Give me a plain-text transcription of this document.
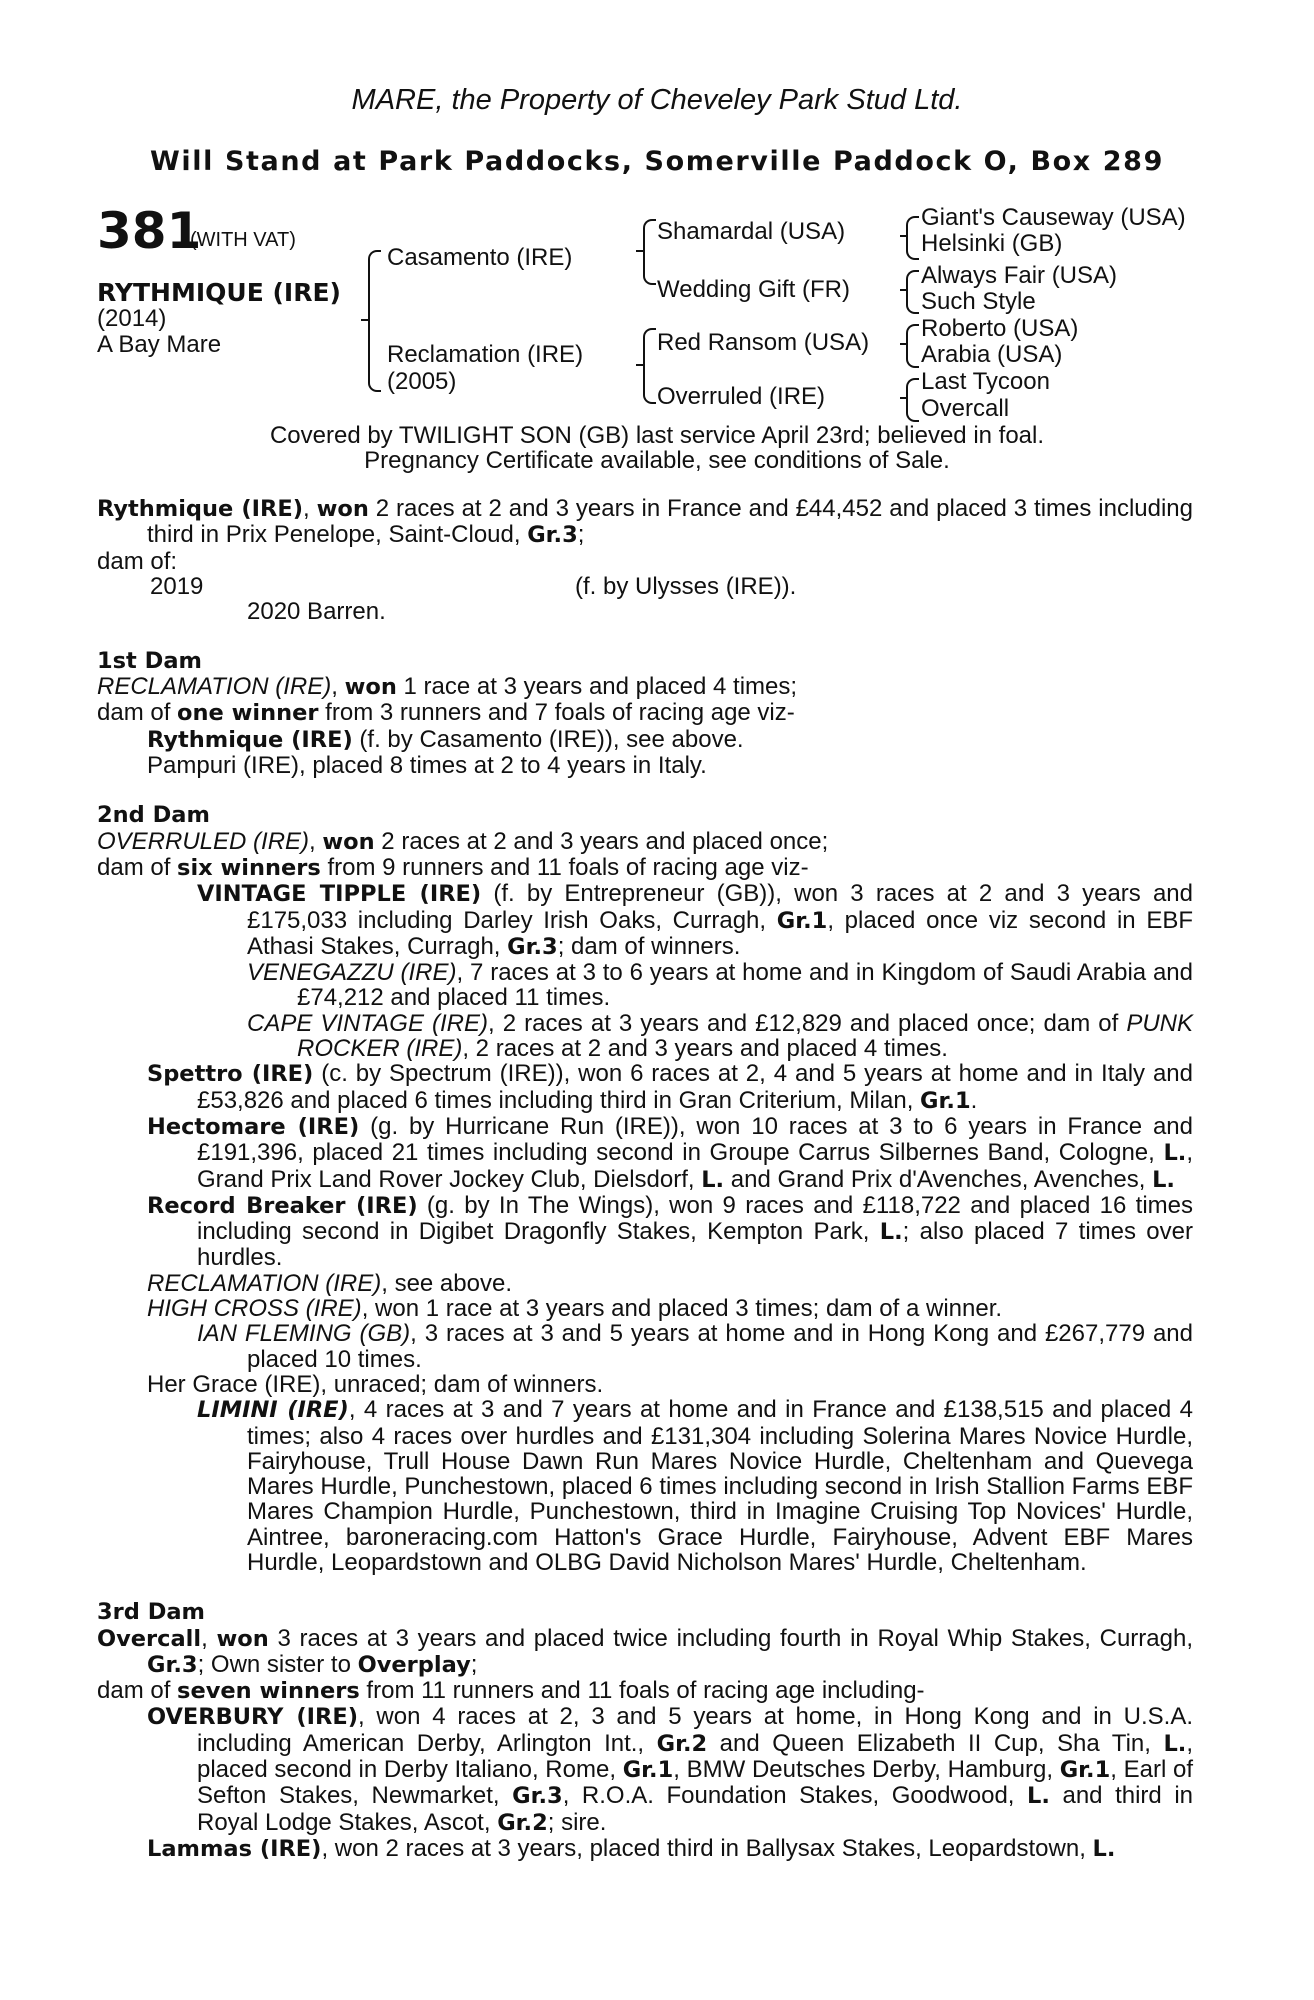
MARE, the Property of Cheveley Park Stud Ltd.
Will Stand at Park Paddocks, Somerville Paddock O, Box 289
381
(WITH VAT)
RYTHMIQUE (IRE)
(2014)
A Bay Mare
Casamento (IRE)
Reclamation (IRE)
(2005)
Shamardal (USA)
Wedding Gift (FR)
Red Ransom (USA)
Overruled (IRE)
Giant's Causeway (USA)
Helsinki (GB)
Always Fair (USA)
Such Style
Roberto (USA)
Arabia (USA)
Last Tycoon
Overcall
Covered by TWILIGHT SON (GB) last service April 23rd; believed in foal.
Pregnancy Certificate available, see conditions of Sale.

Rythmique (IRE), won 2 races at 2 and 3 years in France and £44,452 and placed 3 times including third in Prix Penelope, Saint-Cloud, Gr.3;

dam of:

2019	(f. by Ulysses (IRE)).
2020 Barren.

1st Dam

RECLAMATION (IRE), won 1 race at 3 years and placed 4 times;

dam of one winner from 3 runners and 7 foals of racing age viz-

Rythmique (IRE) (f. by Casamento (IRE)), see above.

Pampuri (IRE), placed 8 times at 2 to 4 years in Italy.

2nd Dam

OVERRULED (IRE), won 2 races at 2 and 3 years and placed once;

dam of six winners from 9 runners and 11 foals of racing age viz-

VINTAGE TIPPLE (IRE) (f. by Entrepreneur (GB)), won 3 races at 2 and 3 years and £175,033 including Darley Irish Oaks, Curragh, Gr.1, placed once viz second in EBF Athasi Stakes, Curragh, Gr.3; dam of winners.

VENEGAZZU (IRE), 7 races at 3 to 6 years at home and in Kingdom of Saudi Arabia and £74,212 and placed 11 times.

CAPE VINTAGE (IRE), 2 races at 3 years and £12,829 and placed once; dam of PUNK ROCKER (IRE), 2 races at 2 and 3 years and placed 4 times.

Spettro (IRE) (c. by Spectrum (IRE)), won 6 races at 2, 4 and 5 years at home and in Italy and £53,826 and placed 6 times including third in Gran Criterium, Milan, Gr.1.

Hectomare (IRE) (g. by Hurricane Run (IRE)), won 10 races at 3 to 6 years in France and £191,396, placed 21 times including second in Groupe Carrus Silbernes Band, Cologne, L., Grand Prix Land Rover Jockey Club, Dielsdorf, L. and Grand Prix d'Avenches, Avenches, L.

Record Breaker (IRE) (g. by In The Wings), won 9 races and £118,722 and placed 16 times including second in Digibet Dragonfly Stakes, Kempton Park, L.; also placed 7 times over hurdles.

RECLAMATION (IRE), see above.

HIGH CROSS (IRE), won 1 race at 3 years and placed 3 times; dam of a winner.

IAN FLEMING (GB), 3 races at 3 and 5 years at home and in Hong Kong and £267,779 and placed 10 times.

Her Grace (IRE), unraced; dam of winners.

LIMINI (IRE), 4 races at 3 and 7 years at home and in France and £138,515 and placed 4 times; also 4 races over hurdles and £131,304 including Solerina Mares Novice Hurdle, Fairyhouse, Trull House Dawn Run Mares Novice Hurdle, Cheltenham and Quevega Mares Hurdle, Punchestown, placed 6 times including second in Irish Stallion Farms EBF Mares Champion Hurdle, Punchestown, third in Imagine Cruising Top Novices' Hurdle, Aintree, baroneracing.com Hatton's Grace Hurdle, Fairyhouse, Advent EBF Mares Hurdle, Leopardstown and OLBG David Nicholson Mares' Hurdle, Cheltenham.

3rd Dam

Overcall, won 3 races at 3 years and placed twice including fourth in Royal Whip Stakes, Curragh, Gr.3; Own sister to Overplay;

dam of seven winners from 11 runners and 11 foals of racing age including-

OVERBURY (IRE), won 4 races at 2, 3 and 5 years at home, in Hong Kong and in U.S.A. including American Derby, Arlington Int., Gr.2 and Queen Elizabeth II Cup, Sha Tin, L., placed second in Derby Italiano, Rome, Gr.1, BMW Deutsches Derby, Hamburg, Gr.1, Earl of Sefton Stakes, Newmarket, Gr.3, R.O.A. Foundation Stakes, Goodwood, L. and third in Royal Lodge Stakes, Ascot, Gr.2; sire.

Lammas (IRE), won 2 races at 3 years, placed third in Ballysax Stakes, Leopardstown, L.
